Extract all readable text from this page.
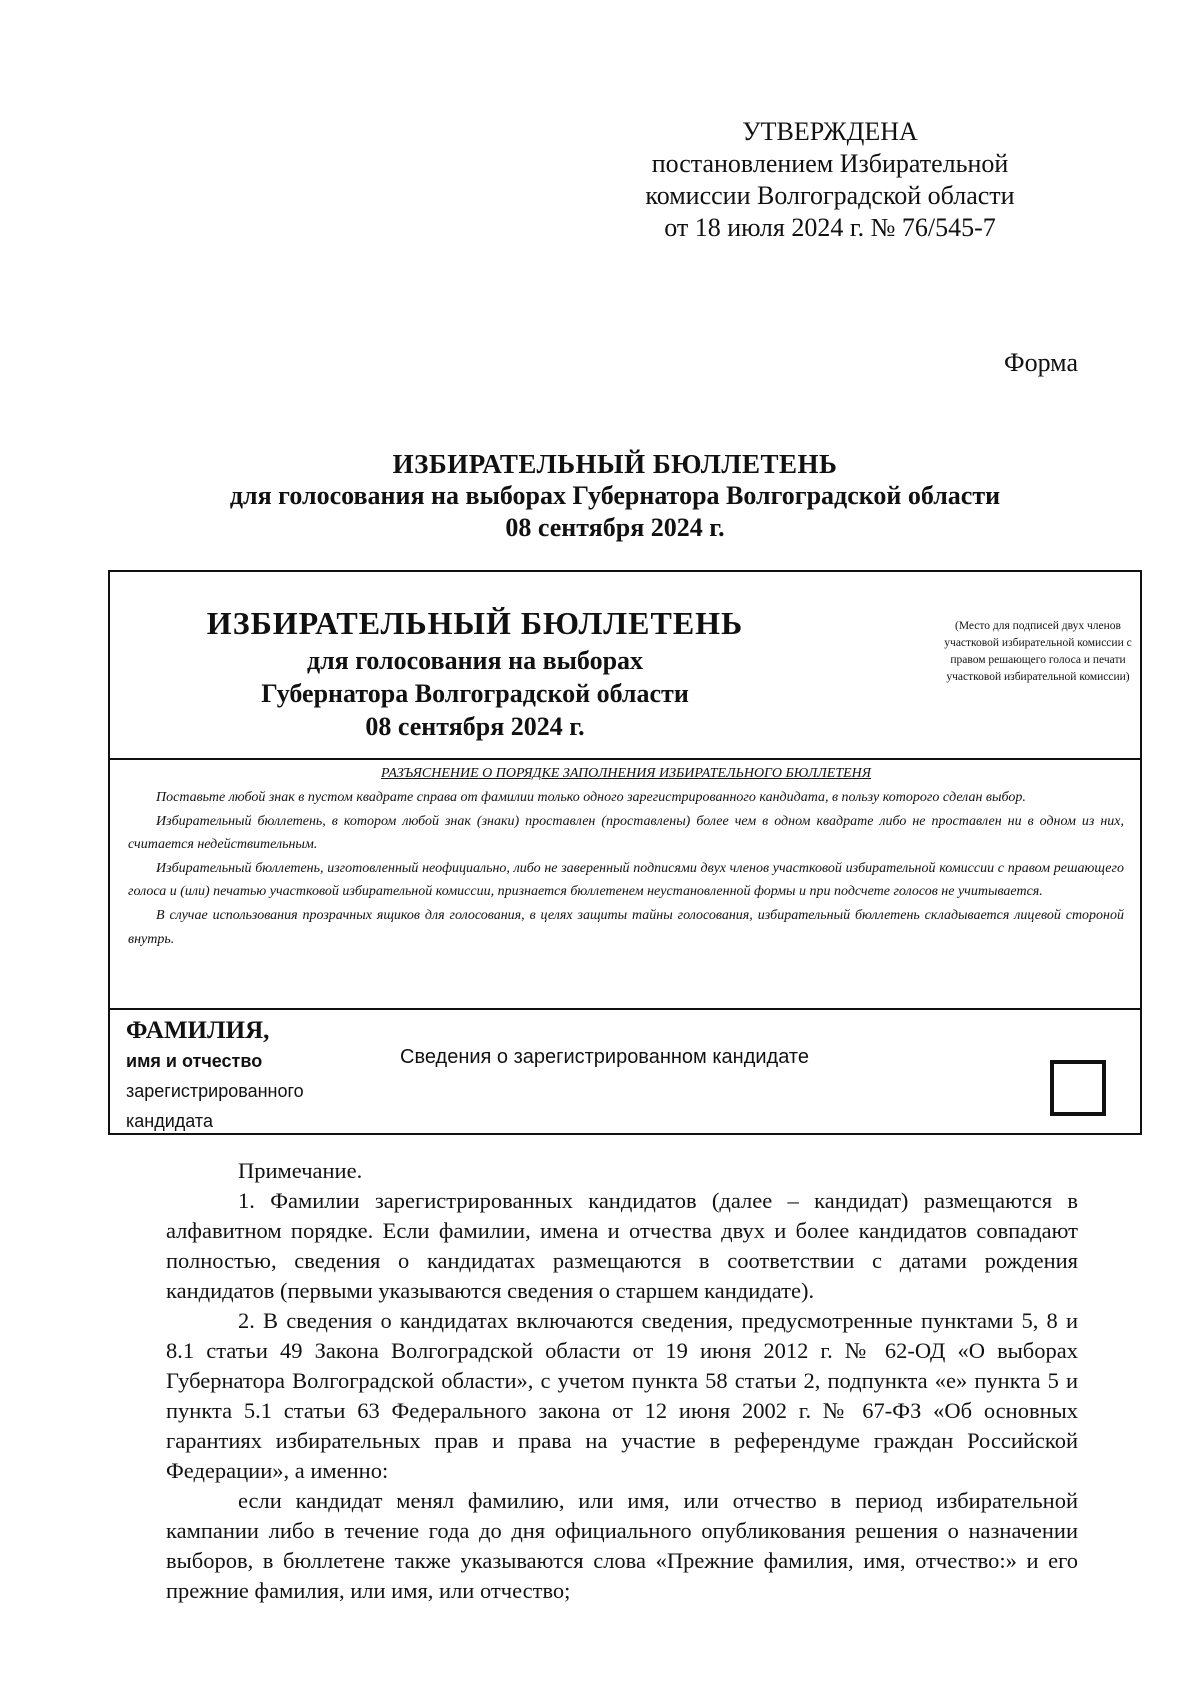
УТВЕРЖДЕНА
постановлением Избирательной
комиссии Волгоградской области
от 18 июля 2024 г. № 76/545-7
Форма
ИЗБИРАТЕЛЬНЫЙ БЮЛЛЕТЕНЬ
для голосования на выборах Губернатора Волгоградской области
08 сентября 2024 г.
ИЗБИРАТЕЛЬНЫЙ БЮЛЛЕТЕНЬ
для голосования на выборах
Губернатора Волгоградской области
08 сентября 2024 г.
(Место для подписей двух членов участковой избирательной комиссии с правом решающего голоса и печати участковой избирательной комиссии)
РАЗЪЯСНЕНИЕ О ПОРЯДКЕ ЗАПОЛНЕНИЯ ИЗБИРАТЕЛЬНОГО БЮЛЛЕТЕНЯ

Поставьте любой знак в пустом квадрате справа от фамилии только одного зарегистрированного кандидата, в пользу которого сделан выбор.

Избирательный бюллетень, в котором любой знак (знаки) проставлен (проставлены) более чем в одном квадрате либо не проставлен ни в одном из них, считается недействительным.

Избирательный бюллетень, изготовленный неофициально, либо не заверенный подписями двух членов участковой избирательной комиссии с правом решающего голоса и (или) печатью участковой избирательной комиссии, признается бюллетенем неустановленной формы и при подсчете голосов не учитывается.

В случае использования прозрачных ящиков для голосования, в целях защиты тайны голосования, избирательный бюллетень складывается лицевой стороной внутрь.

ФАМИЛИЯ,
имя и отчество
зарегистрированного
кандидата
Сведения о зарегистрированном кандидате
Примечание.

1. Фамилии зарегистрированных кандидатов (далее – кандидат) размещаются в алфавитном порядке. Если фамилии, имена и отчества двух и более кандидатов совпадают полностью, сведения о кандидатах размещаются в соответствии с датами рождения кандидатов (первыми указываются сведения о старшем кандидате).

2. В сведения о кандидатах включаются сведения, предусмотренные пунктами 5, 8 и 8.1 статьи 49 Закона Волгоградской области от 19 июня 2012 г. № 62-ОД «О выборах Губернатора Волгоградской области», с учетом пункта 58 статьи 2, подпункта «е» пункта 5 и пункта 5.1 статьи 63 Федерального закона от 12 июня 2002 г. № 67-ФЗ «Об основных гарантиях избирательных прав и права на участие в референдуме граждан Российской Федерации», а именно:

если кандидат менял фамилию, или имя, или отчество в период избирательной кампании либо в течение года до дня официального опубликования решения о назначении выборов, в бюллетене также указываются слова «Прежние фамилия, имя, отчество:» и его прежние фамилия, или имя, или отчество;
